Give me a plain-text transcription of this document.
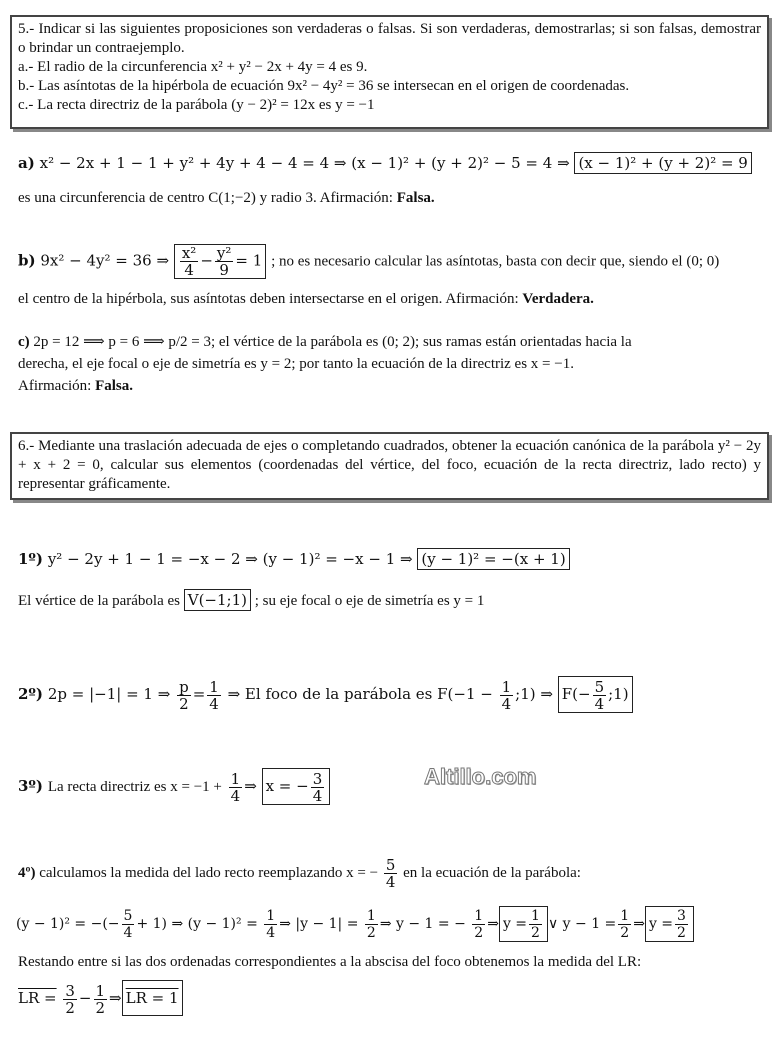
5.- Indicar si las siguientes proposiciones son verdaderas o falsas. Si son verdaderas, demostrarlas; si son falsas, demostrar o brindar un contraejemplo.

a.- El radio de la circunferencia x² + y² − 2x + 4y = 4 es 9.

b.- Las asíntotas de la hipérbola de ecuación 9x² − 4y² = 36 se intersecan en el origen de coordenadas.

c.- La recta directriz de la parábola (y − 2)² = 12x es y = −1

a) x² − 2x + 1 − 1 + y² + 4y + 4 − 4 = 4 ⇒ (x − 1)² + (y + 2)² − 5 = 4 ⇒ (x − 1)² + (y + 2)² = 9
es una circunferencia de centro C(1;−2) y radio 3. Afirmación: Falsa.
b) 9x² − 4y² = 36 ⇒ $\frac{\text{x²}}{4} - \frac{\text{y²}}{9} = 1$ ; no es necesario calcular las asíntotas, basta con decir que, siendo el (0; 0)
el centro de la hipérbola, sus asíntotas deben intersectarse en el origen. Afirmación: Verdadera.
c) 2p = 12 ⟹ p = 6 ⟹ p/2 = 3; el vértice de la parábola es (0; 2); sus ramas están orientadas hacia la
derecha, el eje focal o eje de simetría es y = 2; por tanto la ecuación de la directriz es x = −1.
Afirmación: Falsa.

6.- Mediante una traslación adecuada de ejes o completando cuadrados, obtener la ecuación canónica de la parábola y² − 2y + x + 2 = 0, calcular sus elementos (coordenadas del vértice, del foco, ecuación de la recta directriz, lado recto) y representar gráficamente.

1º) y² − 2y + 1 − 1 = −x − 2 ⇒ (y − 1)² = −x − 1 ⇒ (y − 1)² = −(x + 1)
El vértice de la parábola es V(−1;1) ; su eje focal o eje de simetría es y = 1
2º) 2p = |−1| = 1 ⇒ $\frac{p}{2} = \frac{1}{4}$ ⇒ El foco de la parábola es $F(-1 - \frac{1}{4}$ ;1) ⇒ $F(- \frac{5}{4}$ ;1)
3º) La recta directriz es $x = -1 + \frac{1}{4}$ ⇒ x = − $\frac{3}{4}$	Altillo.com
4º) calculamos la medida del lado recto reemplazando x = − $\frac{5}{4}$ en la ecuación de la parábola:
(y − 1)² = −(− $\frac{5}{4} + 1$) ⇒ $(y - 1)^2 = \frac{1}{4}$ ⇒ $|y - 1| = \frac{1}{2}$ ⇒ y − 1 = − $\frac{1}{2}$ ⇒ $y = \frac{1}{2}$ ∨ $y - 1 = \frac{1}{2}$ ⇒ $y = \frac{3}{2}$
Restando entre si las dos ordenadas correspondientes a la abscisa del foco obtenemos la medida del LR:
LR = $\frac{3}{2} - \frac{1}{2}$ ⇒ LR = 1
